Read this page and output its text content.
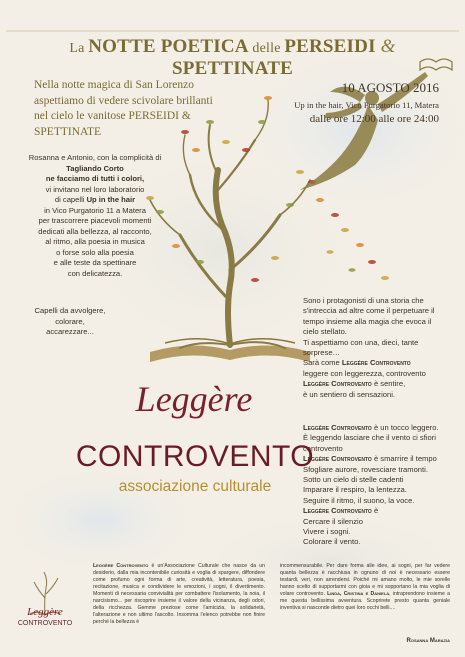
La NOTTE POETICA delle PERSEIDI & SPETTINATE
Nella notte magica di San Lorenzo
aspettiamo di vedere scivolare brillanti
nel cielo le vanitose PERSEIDI & SPETTINATE
10 AGOSTO 2016
Up in the hair, Vico Purgatorio 11, Matera
dalle ore 12:00 alle ore 24:00
Rosanna e Antonio, con la complicità di
Tagliando Corto
ne facciamo di tutti i colori,
vi invitano nel loro laboratorio
di capelli Up in the hair
in Vico Purgatorio 11 a Matera
per trascorrere piacevoli momenti
dedicati alla bellezza, al racconto,
al ritmo, alla poesia in musica
o forse solo alla poesia
e alle teste da spettinare
con delicatezza.
Capelli da avvolgere,
colorare,
accarezzare...
Sono i protagonisti di una storia che
s'intreccia ad altre come il perpetuare il
tempo insieme alla magia che evoca il
cielo stellato.
Ti aspettiamo con una, dieci, tante
sorprese…
Sarà come Leggère Controvento
leggere con leggerezza, controvento
Leggère Controvento è sentire,
è un sentiero di sensazioni.
Leggère Controvento è un tocco leggero.
È leggendo lasciare che il vento ci sfiori
controvento
Leggère Controvento è smarrire il tempo
Sfogliare aurore, rovesciare tramonti.
Sotto un cielo di stelle cadenti
Imparare il respiro, la lentezza.
Seguire il ritmo, il suono, la voce.
Leggère Controvento è
Cercare il silenzio
Vivere i sogni.
Colorare il vento.
Leggère
CONTROVENTO
associazione culturale
Leggère
CONTROVENTO
Leggère Controvento è un'Associazione Culturale che nasce da un desiderio, dalla mia incontenibile curiosità e voglia di spargere, diffondere come profumo ogni forma di arte, creatività, letteratura, poesia, recitazione, musica e condividere le emozioni, i sogni, il divertimento. Momenti di necessaria convivialità per combattere l'isolamento, la noia, il narcisismo... per riscoprire insieme il valore della vicinanza, degli odori, della ricchezza. Gemme preziose come l'amicizia, la solidarietà, l'alterazione e non ultimo l'ascolto. Insomma l'elenco potrebbe non finire perché la bellezza è
incommensurabile. Per dare forma alle idee, ai sogni, per far vedere quanta bellezza è racchiusa in ognuno di noi è necessario essere testardi, veri, non arrendersi. Poiché mi amano molto, le mie sorelle hanno scelto di supportarmi con gioia e mi sopportano la mia voglia di volare controvento. Linda, Cristina e Daniela, intraprendono insieme a me questa bellissima avventura. Scoprirete presto quanta geniale inventiva si nasconde dietro quei loro occhi belli....
Rosanna Marazia
